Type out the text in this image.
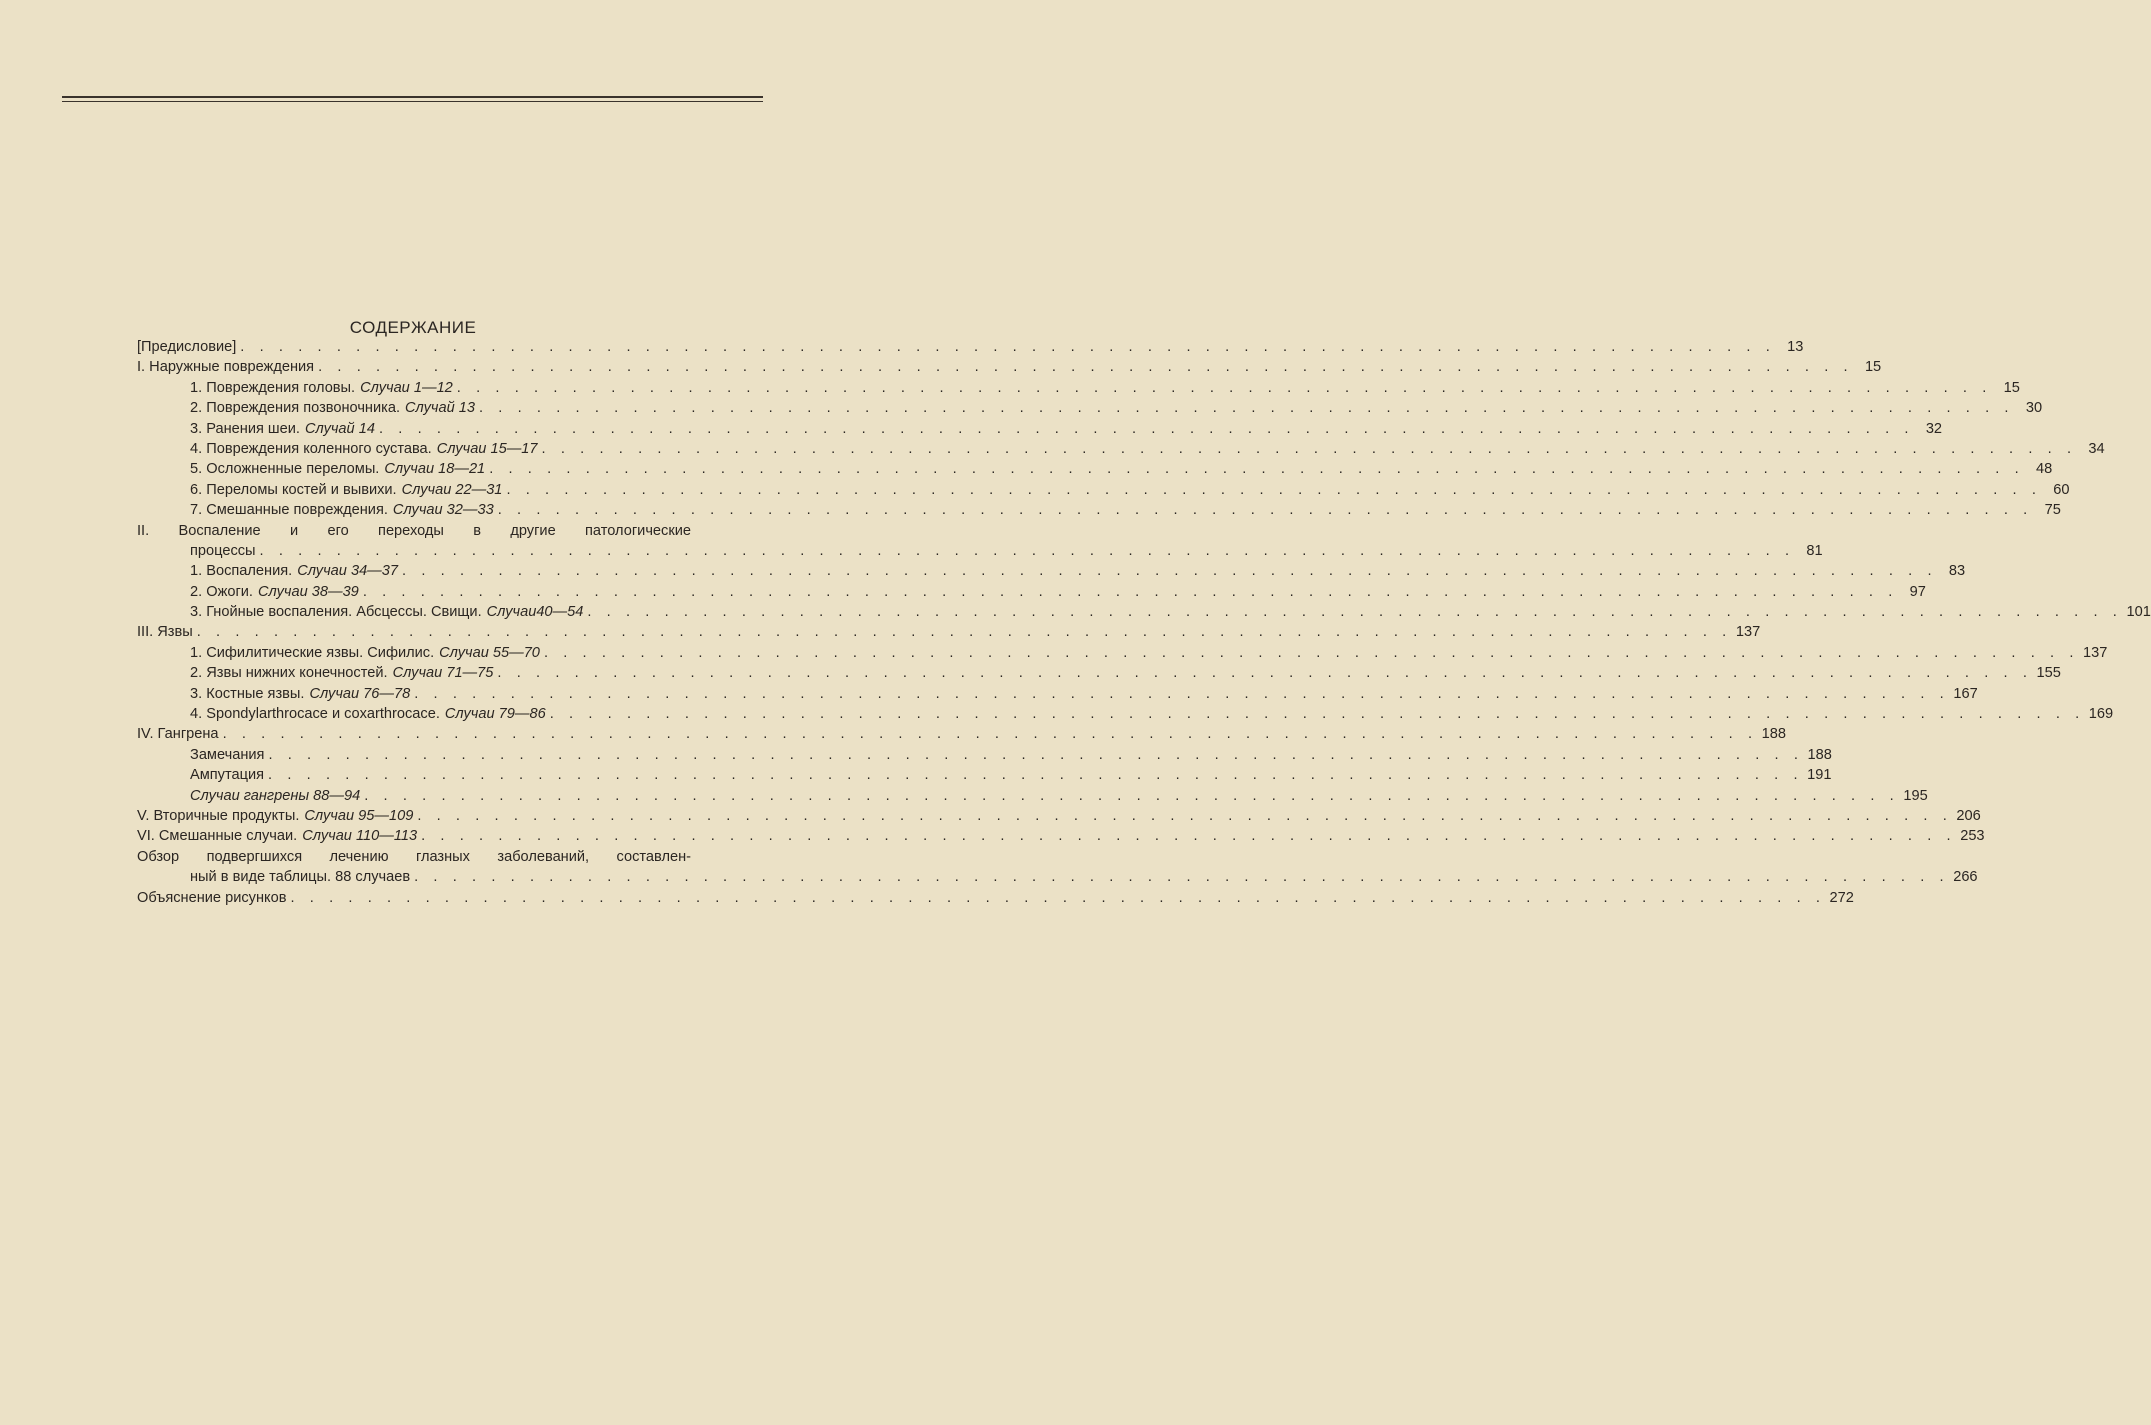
СОДЕРЖАНИЕ
[Предисловие] . . . . . . . . . . . . . . . . . . . . . . . . . . . . . . . . . . . . . . . . . . . . . . . . . . . . . . . . . . . . . . . . . . . . . . . . . . . . . . . . 13
I. Наружные повреждения . . . . . . . . . . . . . . . . . . . . . . . . . . . . . . . . . . . . . . . . . . . . . . . . . . . . . . . . . . . . . . . . . . . . . . . . . . . . . . . . 15
1. Повреждения головы. Случаи 1—12 . . . . . . . . . . . . . . . . . . . . . . . . . . . . . . . . . . . . . . . . . . . . . . . . . . . . . . . . . . . . . . . . . . . . . . . . . . . . . . . . 15
2. Повреждения позвоночника. Случай 13 . . . . . . . . . . . . . . . . . . . . . . . . . . . . . . . . . . . . . . . . . . . . . . . . . . . . . . . . . . . . . . . . . . . . . . . . . . . . . . . . 30
3. Ранения шеи. Случай 14 . . . . . . . . . . . . . . . . . . . . . . . . . . . . . . . . . . . . . . . . . . . . . . . . . . . . . . . . . . . . . . . . . . . . . . . . . . . . . . . . 32
4. Повреждения коленного сустава. Случаи 15—17 . . . . . . . . . . . . . . . . . . . . . . . . . . . . . . . . . . . . . . . . . . . . . . . . . . . . . . . . . . . . . . . . . . . . . . . . . . . . . . . . 34
5. Осложненные переломы. Случаи 18—21 . . . . . . . . . . . . . . . . . . . . . . . . . . . . . . . . . . . . . . . . . . . . . . . . . . . . . . . . . . . . . . . . . . . . . . . . . . . . . . . . 48
6. Переломы костей и вывихи. Случаи 22—31 . . . . . . . . . . . . . . . . . . . . . . . . . . . . . . . . . . . . . . . . . . . . . . . . . . . . . . . . . . . . . . . . . . . . . . . . . . . . . . . . 60
7. Смешанные повреждения. Случаи 32—33 . . . . . . . . . . . . . . . . . . . . . . . . . . . . . . . . . . . . . . . . . . . . . . . . . . . . . . . . . . . . . . . . . . . . . . . . . . . . . . . . 75
II. Воспаление и его переходы в другие патологические
процессы . . . . . . . . . . . . . . . . . . . . . . . . . . . . . . . . . . . . . . . . . . . . . . . . . . . . . . . . . . . . . . . . . . . . . . . . . . . . . . . . 81
1. Воспаления. Случаи 34—37 . . . . . . . . . . . . . . . . . . . . . . . . . . . . . . . . . . . . . . . . . . . . . . . . . . . . . . . . . . . . . . . . . . . . . . . . . . . . . . . . 83
2. Ожоги. Случаи 38—39 . . . . . . . . . . . . . . . . . . . . . . . . . . . . . . . . . . . . . . . . . . . . . . . . . . . . . . . . . . . . . . . . . . . . . . . . . . . . . . . . 97
3. Гнойные воспаления. Абсцессы. Свищи. Случаи40—54 . . . . . . . . . . . . . . . . . . . . . . . . . . . . . . . . . . . . . . . . . . . . . . . . . . . . . . . . . . . . . . . . . . . . . . . . . . . . . . . . 101
III. Язвы . . . . . . . . . . . . . . . . . . . . . . . . . . . . . . . . . . . . . . . . . . . . . . . . . . . . . . . . . . . . . . . . . . . . . . . . . . . . . . . . 137
1. Сифилитические язвы. Сифилис. Случаи 55—70 . . . . . . . . . . . . . . . . . . . . . . . . . . . . . . . . . . . . . . . . . . . . . . . . . . . . . . . . . . . . . . . . . . . . . . . . . . . . . . . . 137
2. Язвы нижних конечностей. Случаи 71—75 . . . . . . . . . . . . . . . . . . . . . . . . . . . . . . . . . . . . . . . . . . . . . . . . . . . . . . . . . . . . . . . . . . . . . . . . . . . . . . . . 155
3. Костные язвы. Случаи 76—78 . . . . . . . . . . . . . . . . . . . . . . . . . . . . . . . . . . . . . . . . . . . . . . . . . . . . . . . . . . . . . . . . . . . . . . . . . . . . . . . . 167
4. Spondylarthrocace и coxarthrocace. Случаи 79—86 . . . . . . . . . . . . . . . . . . . . . . . . . . . . . . . . . . . . . . . . . . . . . . . . . . . . . . . . . . . . . . . . . . . . . . . . . . . . . . . . 169
IV. Гангрена . . . . . . . . . . . . . . . . . . . . . . . . . . . . . . . . . . . . . . . . . . . . . . . . . . . . . . . . . . . . . . . . . . . . . . . . . . . . . . . . 188
Замечания . . . . . . . . . . . . . . . . . . . . . . . . . . . . . . . . . . . . . . . . . . . . . . . . . . . . . . . . . . . . . . . . . . . . . . . . . . . . . . . . 188
Ампутация . . . . . . . . . . . . . . . . . . . . . . . . . . . . . . . . . . . . . . . . . . . . . . . . . . . . . . . . . . . . . . . . . . . . . . . . . . . . . . . . 191
Случаи гангрены 88—94 . . . . . . . . . . . . . . . . . . . . . . . . . . . . . . . . . . . . . . . . . . . . . . . . . . . . . . . . . . . . . . . . . . . . . . . . . . . . . . . . 195
V. Вторичные продукты. Случаи 95—109 . . . . . . . . . . . . . . . . . . . . . . . . . . . . . . . . . . . . . . . . . . . . . . . . . . . . . . . . . . . . . . . . . . . . . . . . . . . . . . . . 206
VI. Смешанные случаи. Случаи 110—113 . . . . . . . . . . . . . . . . . . . . . . . . . . . . . . . . . . . . . . . . . . . . . . . . . . . . . . . . . . . . . . . . . . . . . . . . . . . . . . . . 253
Обзор подвергшихся лечению глазных заболеваний, составлен-
ный в виде таблицы. 88 случаев . . . . . . . . . . . . . . . . . . . . . . . . . . . . . . . . . . . . . . . . . . . . . . . . . . . . . . . . . . . . . . . . . . . . . . . . . . . . . . . . 266
Объяснение рисунков . . . . . . . . . . . . . . . . . . . . . . . . . . . . . . . . . . . . . . . . . . . . . . . . . . . . . . . . . . . . . . . . . . . . . . . . . . . . . . . . 272
